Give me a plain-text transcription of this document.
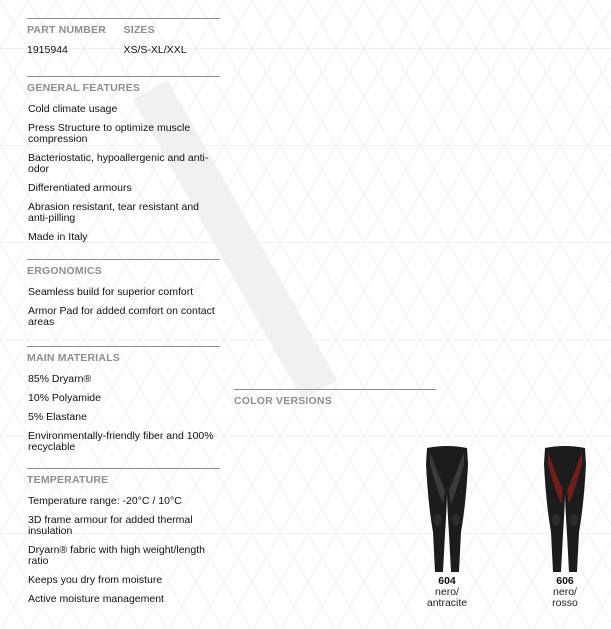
PART NUMBER
1915944
SIZES
XS/S-XL/XXL
GENERAL FEATURES
Cold climate usage
Press Structure to optimize muscle compression
Bacteriostatic, hypoallergenic and anti-odor
Differentiated armours
Abrasion resistant, tear resistant and anti-pilling
Made in Italy
ERGONOMICS
Seamless build for superior comfort
Armor Pad for added comfort on contact areas
MAIN MATERIALS
85% Dryarn®
10% Polyamide
5% Elastane
Environmentally-friendly fiber and 100% recyclable
TEMPERATURE
Temperature range: -20°C / 10°C
3D frame armour for added thermal insulation
Dryarn® fabric with high weight/length ratio
Keeps you dry from moisture
Active moisture management
COLOR VERSIONS
604
nero/
antracite
606
nero/
rosso
